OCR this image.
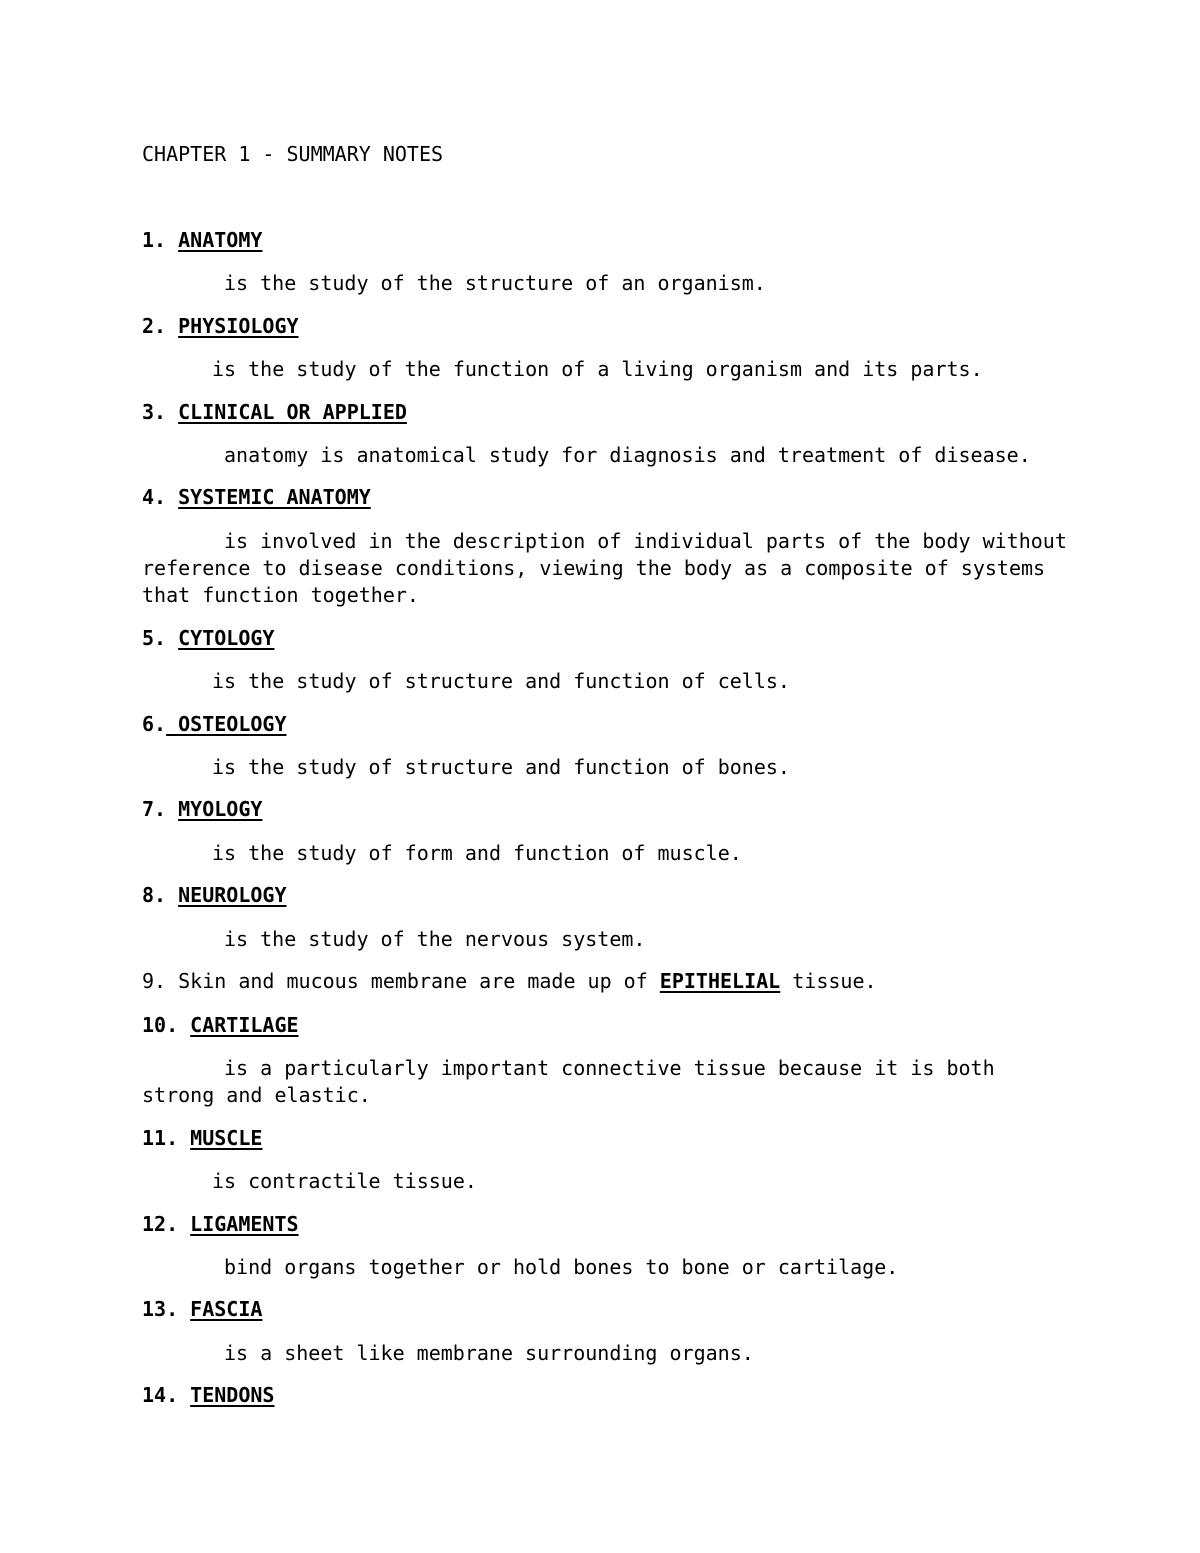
CHAPTER 1 - SUMMARY NOTES

1. ANATOMY

is the study of the structure of an organism.

2. PHYSIOLOGY

is the study of the function of a living organism and its parts.

3. CLINICAL OR APPLIED

anatomy is anatomical study for diagnosis and treatment of disease.

4. SYSTEMIC ANATOMY

is involved in the description of individual parts of the body without reference to disease conditions, viewing the body as a composite of systems that function together.

5. CYTOLOGY

is the study of structure and function of cells.

6. OSTEOLOGY

is the study of structure and function of bones.

7. MYOLOGY

is the study of form and function of muscle.

8. NEUROLOGY

is the study of the nervous system.

9. Skin and mucous membrane are made up of EPITHELIAL tissue.

10. CARTILAGE

is a particularly important connective tissue because it is both strong and elastic.

11. MUSCLE

is contractile tissue.

12. LIGAMENTS

bind organs together or hold bones to bone or cartilage.

13. FASCIA

is a sheet like membrane surrounding organs.

14. TENDONS
